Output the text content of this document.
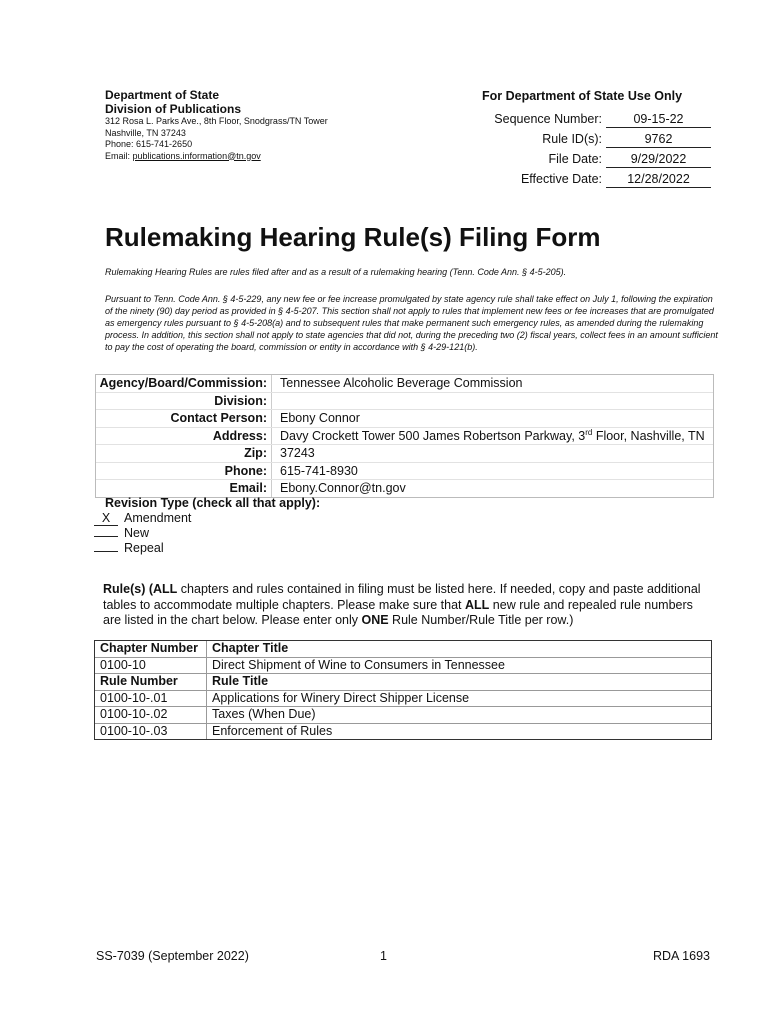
Department of State
Division of Publications
312 Rosa L. Parks Ave., 8th Floor, Snodgrass/TN Tower
Nashville, TN 37243
Phone: 615-741-2650
Email: publications.information@tn.gov
For Department of State Use Only
Sequence Number:	09-15-22
Rule ID(s):	9762
File Date:	9/29/2022
Effective Date:	12/28/2022
Rulemaking Hearing Rule(s) Filing Form
Rulemaking Hearing Rules are rules filed after and as a result of a rulemaking hearing (Tenn. Code Ann. § 4-5-205).
Pursuant to Tenn. Code Ann. § 4-5-229, any new fee or fee increase promulgated by state agency rule shall take effect on July 1, following the expiration of the ninety (90) day period as provided in § 4-5-207. This section shall not apply to rules that implement new fees or fee increases that are promulgated as emergency rules pursuant to § 4-5-208(a) and to subsequent rules that make permanent such emergency rules, as amended during the rulemaking process. In addition, this section shall not apply to state agencies that did not, during the preceding two (2) fiscal years, collect fees in an amount sufficient to pay the cost of operating the board, commission or entity in accordance with § 4-29-121(b).
Agency/Board/Commission:	Tennessee Alcoholic Beverage Commission
Division:
Contact Person:	Ebony Connor
Address:	Davy Crockett Tower 500 James Robertson Parkway, 3rd Floor, Nashville, TN
Zip:	37243
Phone:	615-741-8930
Email:	Ebony.Connor@tn.gov
Revision Type (check all that apply):
X Amendment
New
Repeal
Rule(s) (ALL chapters and rules contained in filing must be listed here. If needed, copy and paste additional tables to accommodate multiple chapters. Please make sure that ALL new rule and repealed rule numbers are listed in the chart below. Please enter only ONE Rule Number/Rule Title per row.)
Chapter Number	Chapter Title
0100-10	Direct Shipment of Wine to Consumers in Tennessee
Rule Number	Rule Title
0100-10-.01	Applications for Winery Direct Shipper License
0100-10-.02	Taxes (When Due)
0100-10-.03	Enforcement of Rules
SS-7039 (September 2022)	1	RDA 1693
